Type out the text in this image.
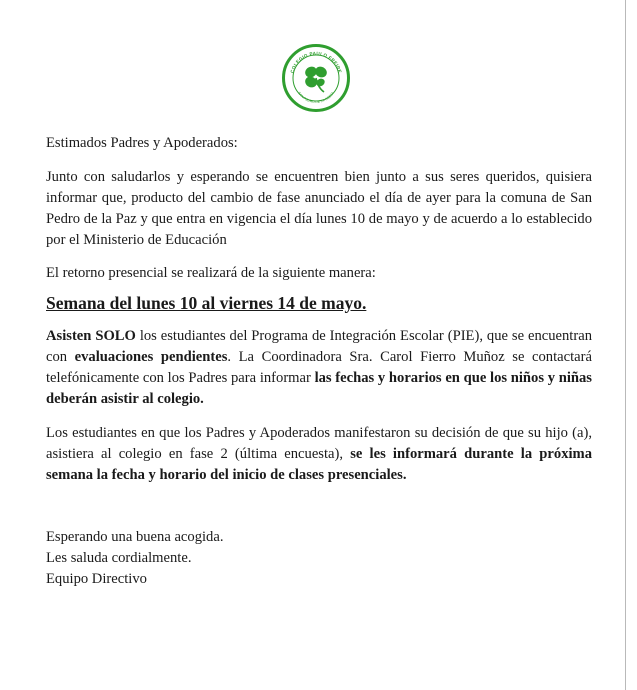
COLEGIO PAULO FREIRE
SAN PEDRO DE LA COSTA
Estimados Padres y Apoderados:
Junto con saludarlos y esperando se encuentren bien junto a sus seres queridos, quisiera informar que, producto del cambio de fase anunciado el día de ayer para la comuna de San Pedro de la Paz y que entra en vigencia el día lunes 10 de mayo y de acuerdo a lo establecido por el Ministerio de Educación
El retorno presencial se realizará de la siguiente manera:
Semana del lunes 10 al viernes 14 de mayo.
Asisten SOLO los estudiantes del Programa de Integración Escolar (PIE), que se encuentran con evaluaciones pendientes. La Coordinadora Sra. Carol Fierro Muñoz se contactará telefónicamente con los Padres para informar las fechas y horarios en que los niños y niñas deberán asistir al colegio.
Los estudiantes en que los Padres y Apoderados manifestaron su decisión de que su hijo (a), asistiera al colegio en fase 2 (última encuesta), se les informará durante la próxima semana la fecha y horario del inicio de clases presenciales.
Esperando una buena acogida.
Les saluda cordialmente.
Equipo Directivo
